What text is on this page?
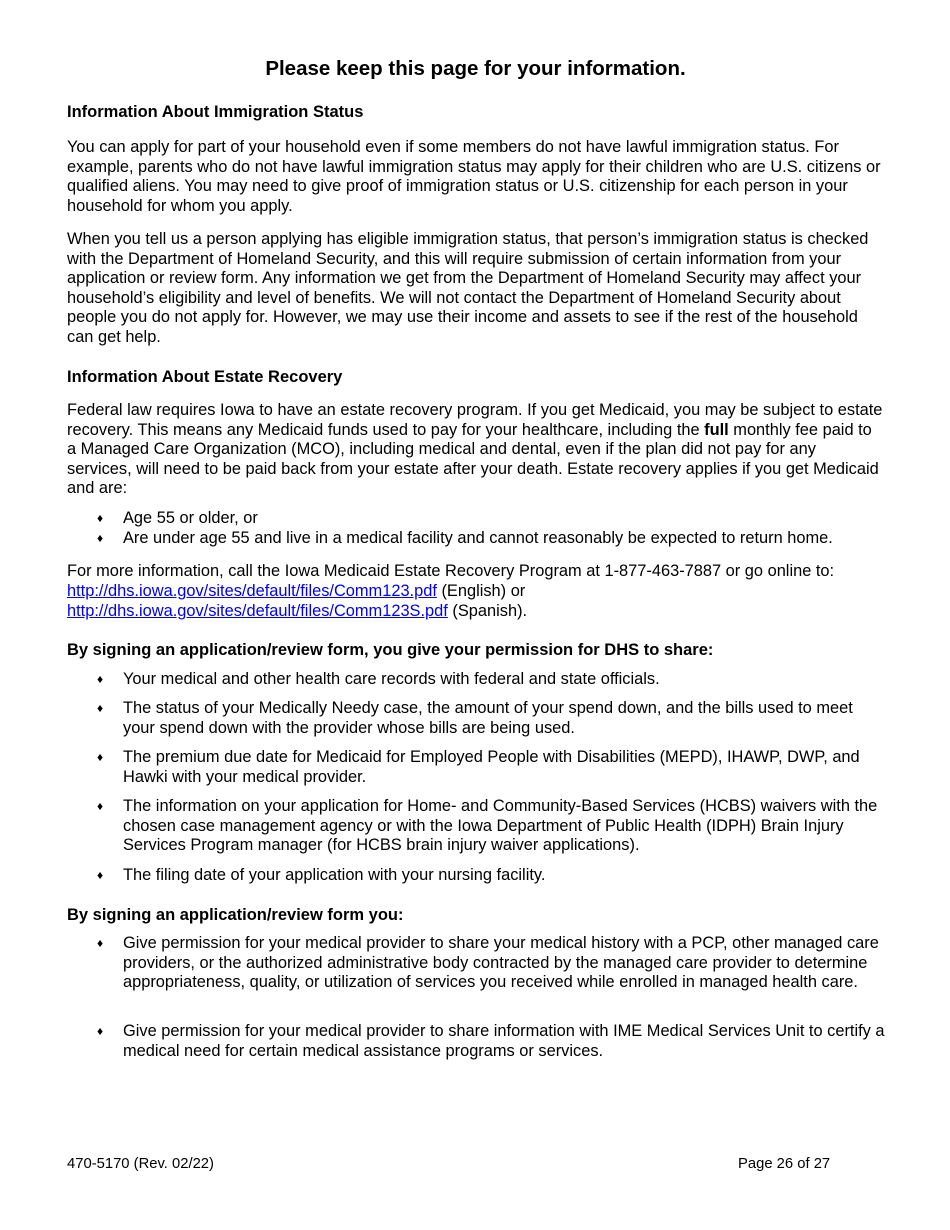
Please keep this page for your information.
Information About Immigration Status
You can apply for part of your household even if some members do not have lawful immigration status. For example, parents who do not have lawful immigration status may apply for their children who are U.S. citizens or qualified aliens. You may need to give proof of immigration status or U.S. citizenship for each person in your household for whom you apply.
When you tell us a person applying has eligible immigration status, that person’s immigration status is checked with the Department of Homeland Security, and this will require submission of certain information from your application or review form. Any information we get from the Department of Homeland Security may affect your household’s eligibility and level of benefits. We will not contact the Department of Homeland Security about people you do not apply for. However, we may use their income and assets to see if the rest of the household can get help.
Information About Estate Recovery
Federal law requires Iowa to have an estate recovery program. If you get Medicaid, you may be subject to estate recovery. This means any Medicaid funds used to pay for your healthcare, including the full monthly fee paid to a Managed Care Organization (MCO), including medical and dental, even if the plan did not pay for any services, will need to be paid back from your estate after your death. Estate recovery applies if you get Medicaid and are:
♦	Age 55 or older, or
♦	Are under age 55 and live in a medical facility and cannot reasonably be expected to return home.
For more information, call the Iowa Medicaid Estate Recovery Program at 1-877-463-7887 or go online to:
http://dhs.iowa.gov/sites/default/files/Comm123.pdf (English) or
http://dhs.iowa.gov/sites/default/files/Comm123S.pdf (Spanish).
By signing an application/review form, you give your permission for DHS to share:
♦	Your medical and other health care records with federal and state officials.
♦	The status of your Medically Needy case, the amount of your spend down, and the bills used to meet your spend down with the provider whose bills are being used.
♦	The premium due date for Medicaid for Employed People with Disabilities (MEPD), IHAWP, DWP, and Hawki with your medical provider.
♦	The information on your application for Home- and Community-Based Services (HCBS) waivers with the chosen case management agency or with the Iowa Department of Public Health (IDPH) Brain Injury Services Program manager (for HCBS brain injury waiver applications).
♦	The filing date of your application with your nursing facility.
By signing an application/review form you:
♦	Give permission for your medical provider to share your medical history with a PCP, other managed care providers, or the authorized administrative body contracted by the managed care provider to determine appropriateness, quality, or utilization of services you received while enrolled in managed health care.
♦	Give permission for your medical provider to share information with IME Medical Services Unit to certify a medical need for certain medical assistance programs or services.
470-5170 (Rev. 02/22)	Page 26 of 27
